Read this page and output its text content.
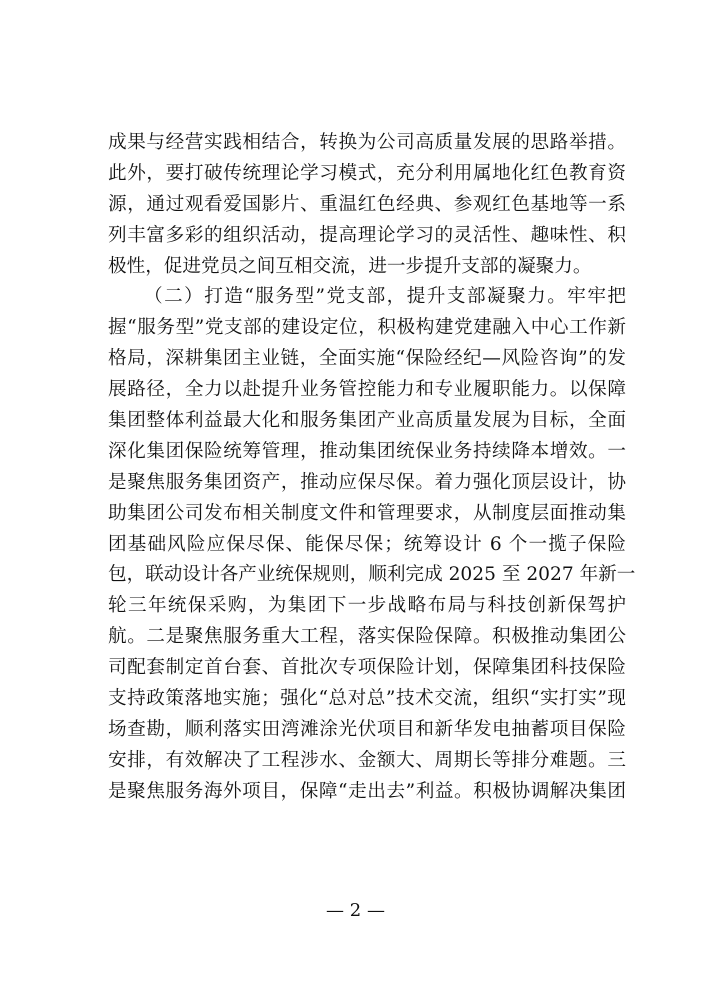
成果与经营实践相结合，转换为公司高质量发展的思路举措。
此外，要打破传统理论学习模式，充分利用属地化红色教育资
源，通过观看爱国影片、重温红色经典、参观红色基地等一系
列丰富多彩的组织活动，提高理论学习的灵活性、趣味性、积
极性，促进党员之间互相交流，进一步提升支部的凝聚力。
（二）打造“服务型”党支部，提升支部凝聚力。牢牢把
握“服务型”党支部的建设定位，积极构建党建融入中心工作新
格局，深耕集团主业链，全面实施“保险经纪—风险咨询”的发
展路径，全力以赴提升业务管控能力和专业履职能力。以保障
集团整体利益最大化和服务集团产业高质量发展为目标，全面
深化集团保险统筹管理，推动集团统保业务持续降本增效。一
是聚焦服务集团资产，推动应保尽保。着力强化顶层设计，协
助集团公司发布相关制度文件和管理要求，从制度层面推动集
团基础风险应保尽保、能保尽保；统筹设计 6 个一揽子保险
包，联动设计各产业统保规则，顺利完成 2025 至 2027 年新一
轮三年统保采购，为集团下一步战略布局与科技创新保驾护
航。二是聚焦服务重大工程，落实保险保障。积极推动集团公
司配套制定首台套、首批次专项保险计划，保障集团科技保险
支持政策落地实施；强化“总对总”技术交流，组织“实打实”现
场查勘，顺利落实田湾滩涂光伏项目和新华发电抽蓄项目保险
安排，有效解决了工程涉水、金额大、周期长等排分难题。三
是聚焦服务海外项目，保障“走出去”利益。积极协调解决集团
— 2 —
